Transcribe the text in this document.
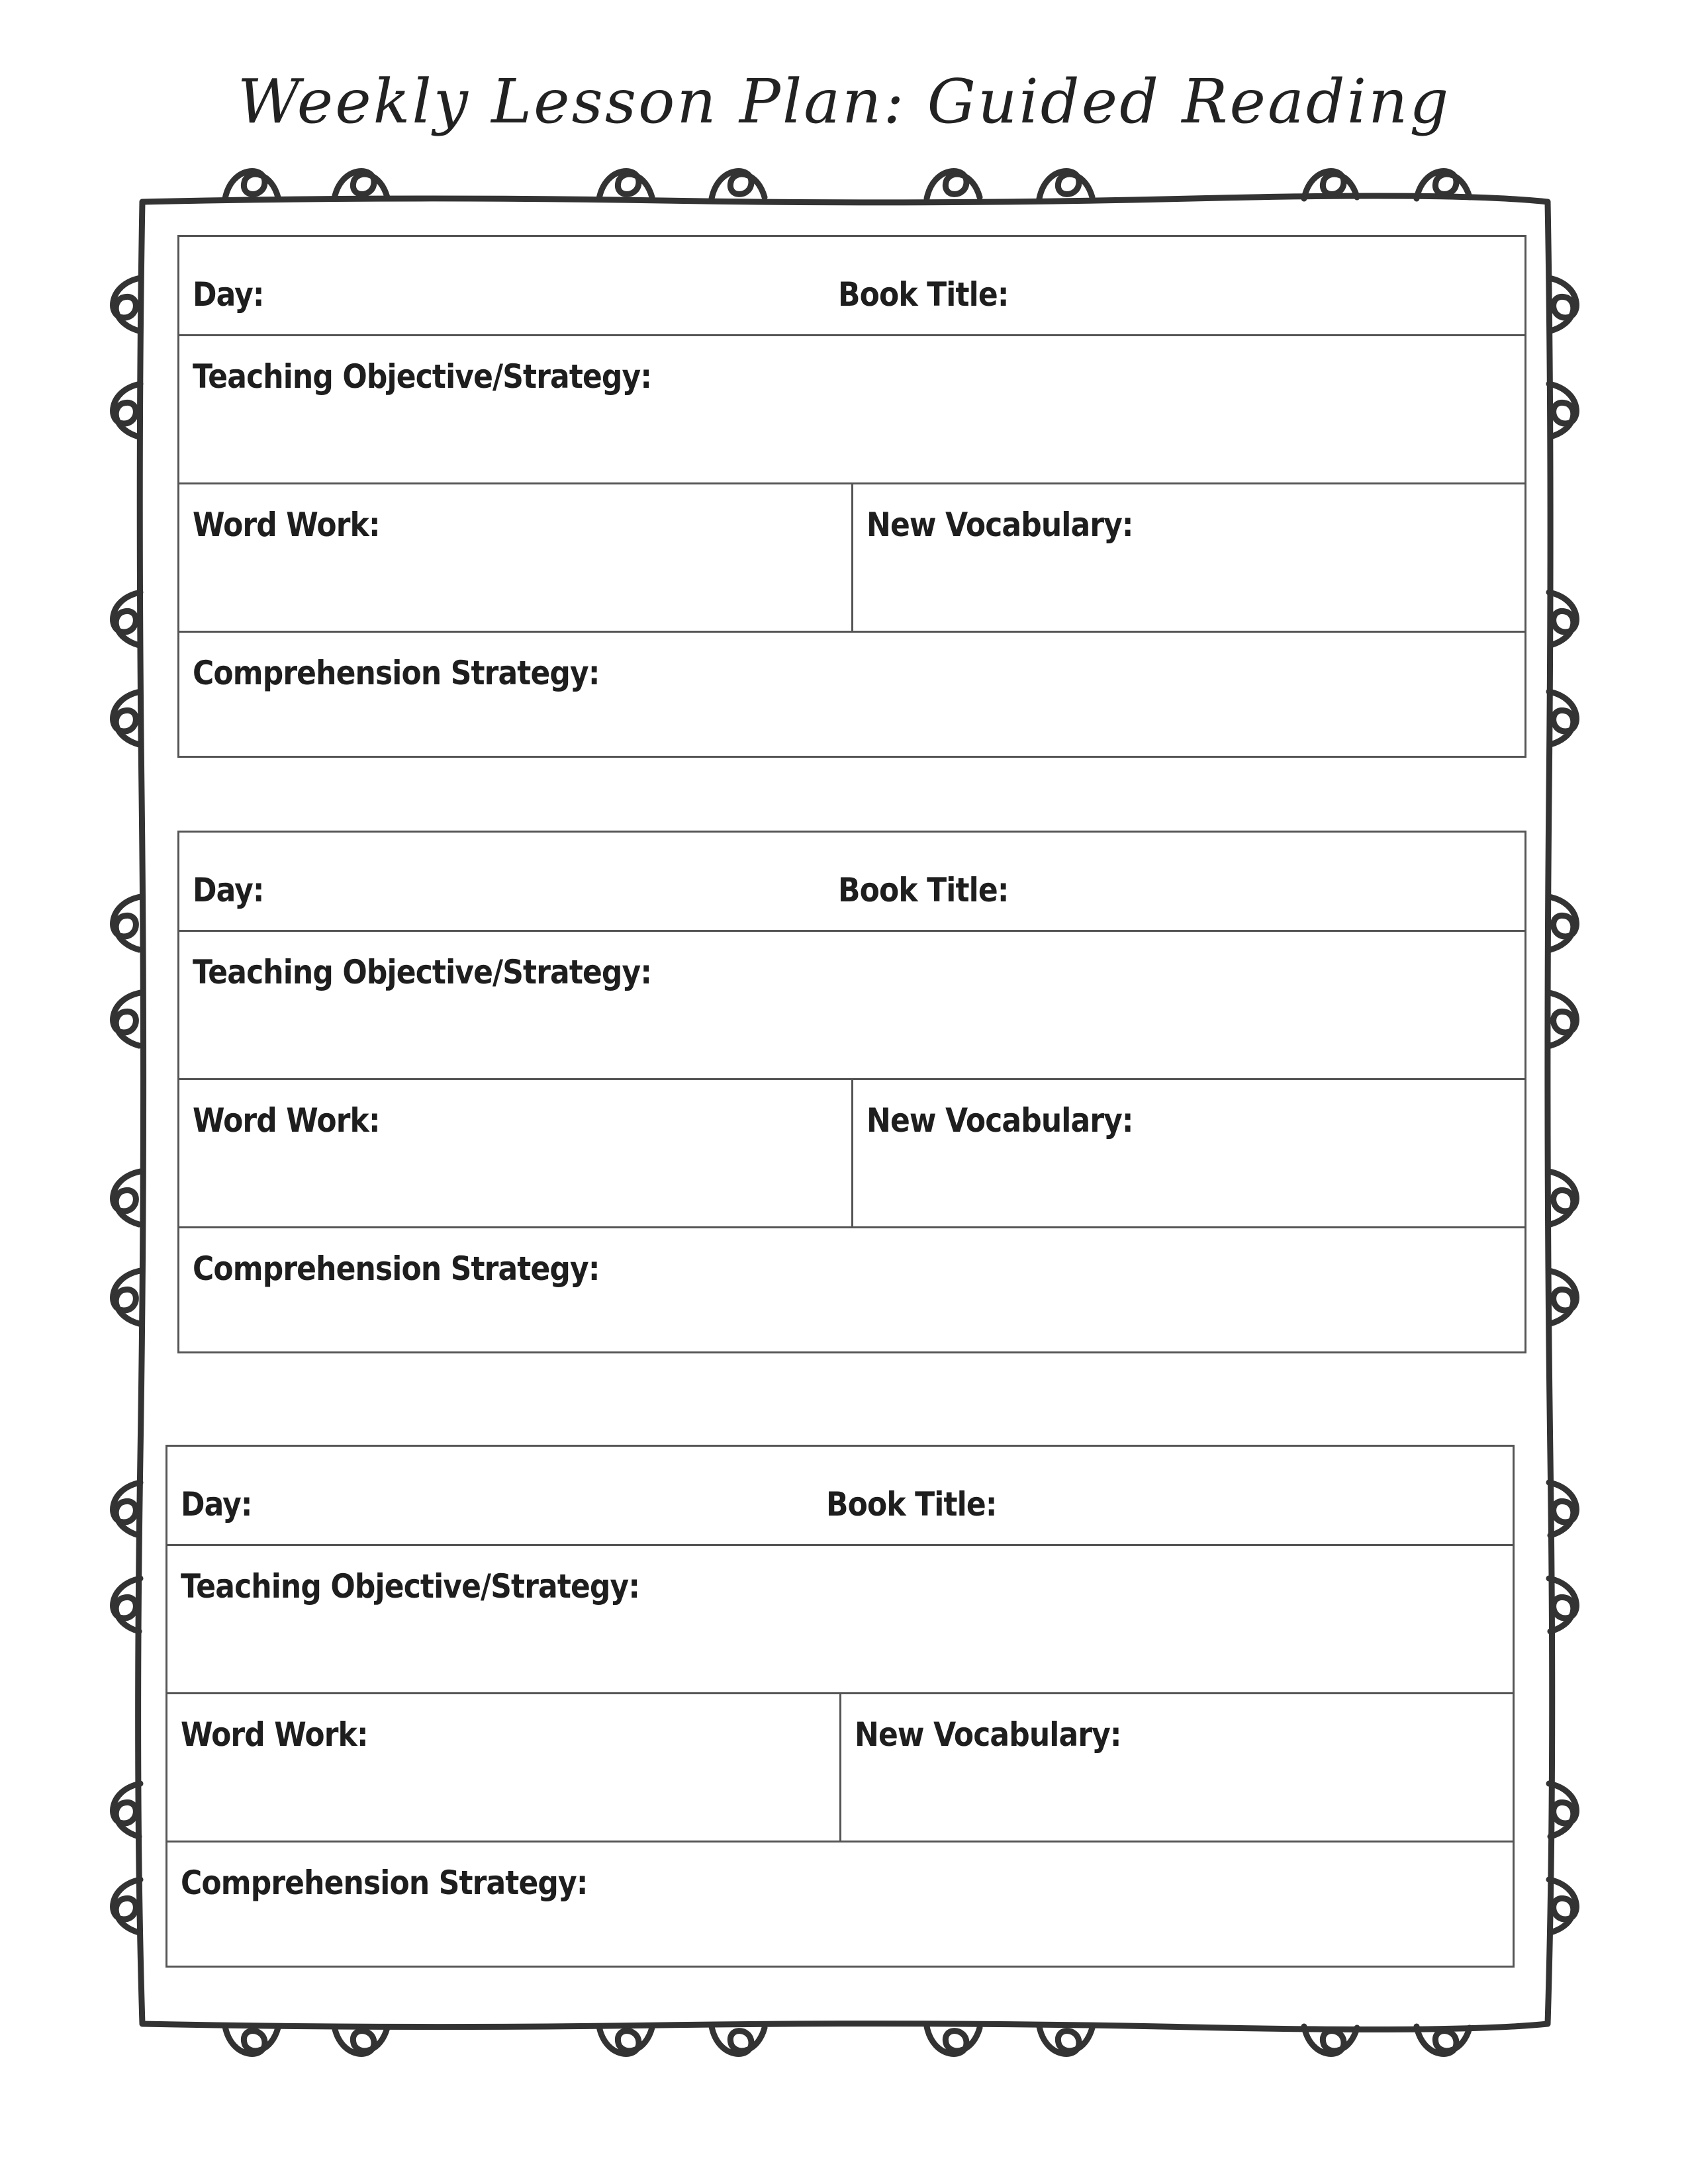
Weekly Lesson Plan: Guided Reading
Day:	Book Title:
Teaching Objective/Strategy:
Word Work:	New Vocabulary:
Comprehension Strategy:
Day:	Book Title:
Teaching Objective/Strategy:
Word Work:	New Vocabulary:
Comprehension Strategy:
Day:	Book Title:
Teaching Objective/Strategy:
Word Work:	New Vocabulary:
Comprehension Strategy:
